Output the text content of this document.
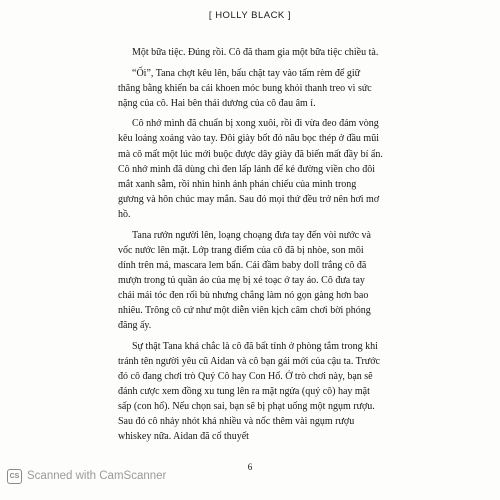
[ HOLLY BLACK ]

Một bữa tiệc. Đúng rồi. Cô đã tham gia một bữa tiệc chiều tà.

“Ối”, Tana chợt kêu lên, bấu chặt tay vào tấm rèm để giữ thăng bằng khiến ba cái khoen móc bung khỏi thanh treo vì sức nặng của cô. Hai bên thái dương của cô đau âm ỉ.

Cô nhớ mình đã chuẩn bị xong xuôi, rồi đi vừa đeo đám vòng kêu loảng xoảng vào tay. Đôi giày bốt đỏ nâu bọc thép ở đầu mũi mà cô mất một lúc mới buộc được dây giày đã biến mất đầy bí ẩn. Cô nhớ mình đã dùng chì đen lấp lánh để kẻ đường viền cho đôi mắt xanh sẫm, rồi nhìn hình ảnh phản chiếu của mình trong gương và hôn chúc may mắn. Sau đó mọi thứ đều trở nên hơi mơ hồ.

Tana rướn người lên, loạng choạng đưa tay đến vòi nước và vốc nước lên mặt. Lớp trang điểm của cô đã bị nhòe, son môi dính trên má, mascara lem bẩn. Cái đầm baby doll trắng cô đã mượn trong tủ quần áo của mẹ bị xé toạc ở tay áo. Cô đưa tay chải mái tóc đen rối bù nhưng chẳng làm nó gọn gàng hơn bao nhiêu. Trông cô cứ như một diễn viên kịch câm chơi bời phóng đãng ấy.

Sự thật Tana khá chắc là cô đã bất tỉnh ở phòng tắm trong khi tránh tên người yêu cũ Aidan và cô bạn gái mới của cậu ta. Trước đó cô đang chơi trò Quý Cô hay Con Hổ. Ở trò chơi này, bạn sẽ đánh cược xem đồng xu tung lên ra mặt ngửa (quý cô) hay mặt sấp (con hổ). Nếu chọn sai, bạn sẽ bị phạt uống một ngụm rượu. Sau đó cô nhảy nhót khá nhiều và nốc thêm vài ngụm rượu whiskey nữa. Aidan đã cố thuyết

6
CS Scanned with CamScanner
